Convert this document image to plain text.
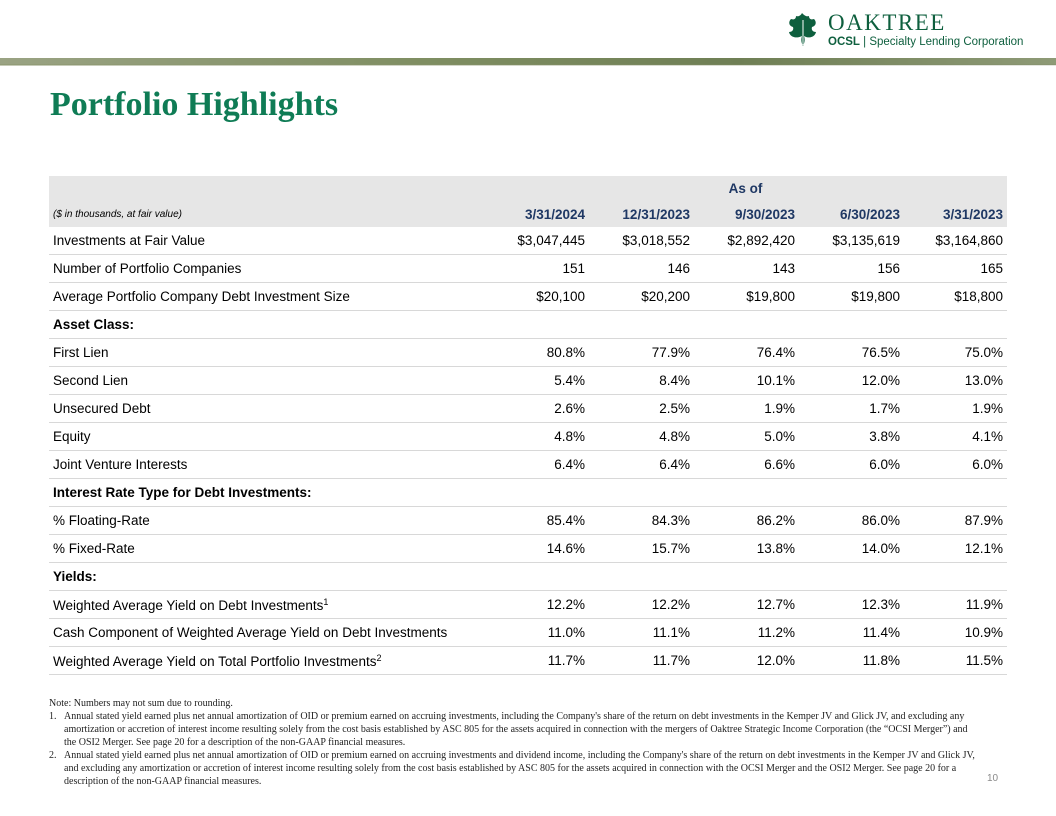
OAKTREE
OCSL | Specialty Lending Corporation
Portfolio Highlights
	As of				
($ in thousands, at fair value)	3/31/2024	12/31/2023	9/30/2023	6/30/2023	3/31/2023
Investments at Fair Value	$3,047,445	$3,018,552	$2,892,420	$3,135,619	$3,164,860
Number of Portfolio Companies	151	146	143	156	165
Average Portfolio Company Debt Investment Size	$20,100	$20,200	$19,800	$19,800	$18,800
Asset Class:					
First Lien	80.8%	77.9%	76.4%	76.5%	75.0%
Second Lien	5.4%	8.4%	10.1%	12.0%	13.0%
Unsecured Debt	2.6%	2.5%	1.9%	1.7%	1.9%
Equity	4.8%	4.8%	5.0%	3.8%	4.1%
Joint Venture Interests	6.4%	6.4%	6.6%	6.0%	6.0%
Interest Rate Type for Debt Investments:					
% Floating-Rate	85.4%	84.3%	86.2%	86.0%	87.9%
% Fixed-Rate	14.6%	15.7%	13.8%	14.0%	12.1%
Yields:					
Weighted Average Yield on Debt Investments$^1$	12.2%	12.2%	12.7%	12.3%	11.9%
Cash Component of Weighted Average Yield on Debt Investments	11.0%	11.1%	11.2%	11.4%	10.9%
Weighted Average Yield on Total Portfolio Investments$^2$	11.7%	11.7%	12.0%	11.8%	11.5%
Note: Numbers may not sum due to rounding.
1. Annual stated yield earned plus net annual amortization of OID or premium earned on accruing investments, including the Company's share of the return on debt investments in the Kemper JV and Glick JV, and excluding any amortization or accretion of interest income resulting solely from the cost basis established by ASC 805 for the assets acquired in connection with the mergers of Oaktree Strategic Income Corporation (the “OCSI Merger”) and the OSI2 Merger. See page 20 for a description of the non-GAAP financial measures.
2. Annual stated yield earned plus net annual amortization of OID or premium earned on accruing investments and dividend income, including the Company's share of the return on debt investments in the Kemper JV and Glick JV, and excluding any amortization or accretion of interest income resulting solely from the cost basis established by ASC 805 for the assets acquired in connection with the OCSI Merger and the OSI2 Merger. See page 20 for a description of the non-GAAP financial measures.	10
